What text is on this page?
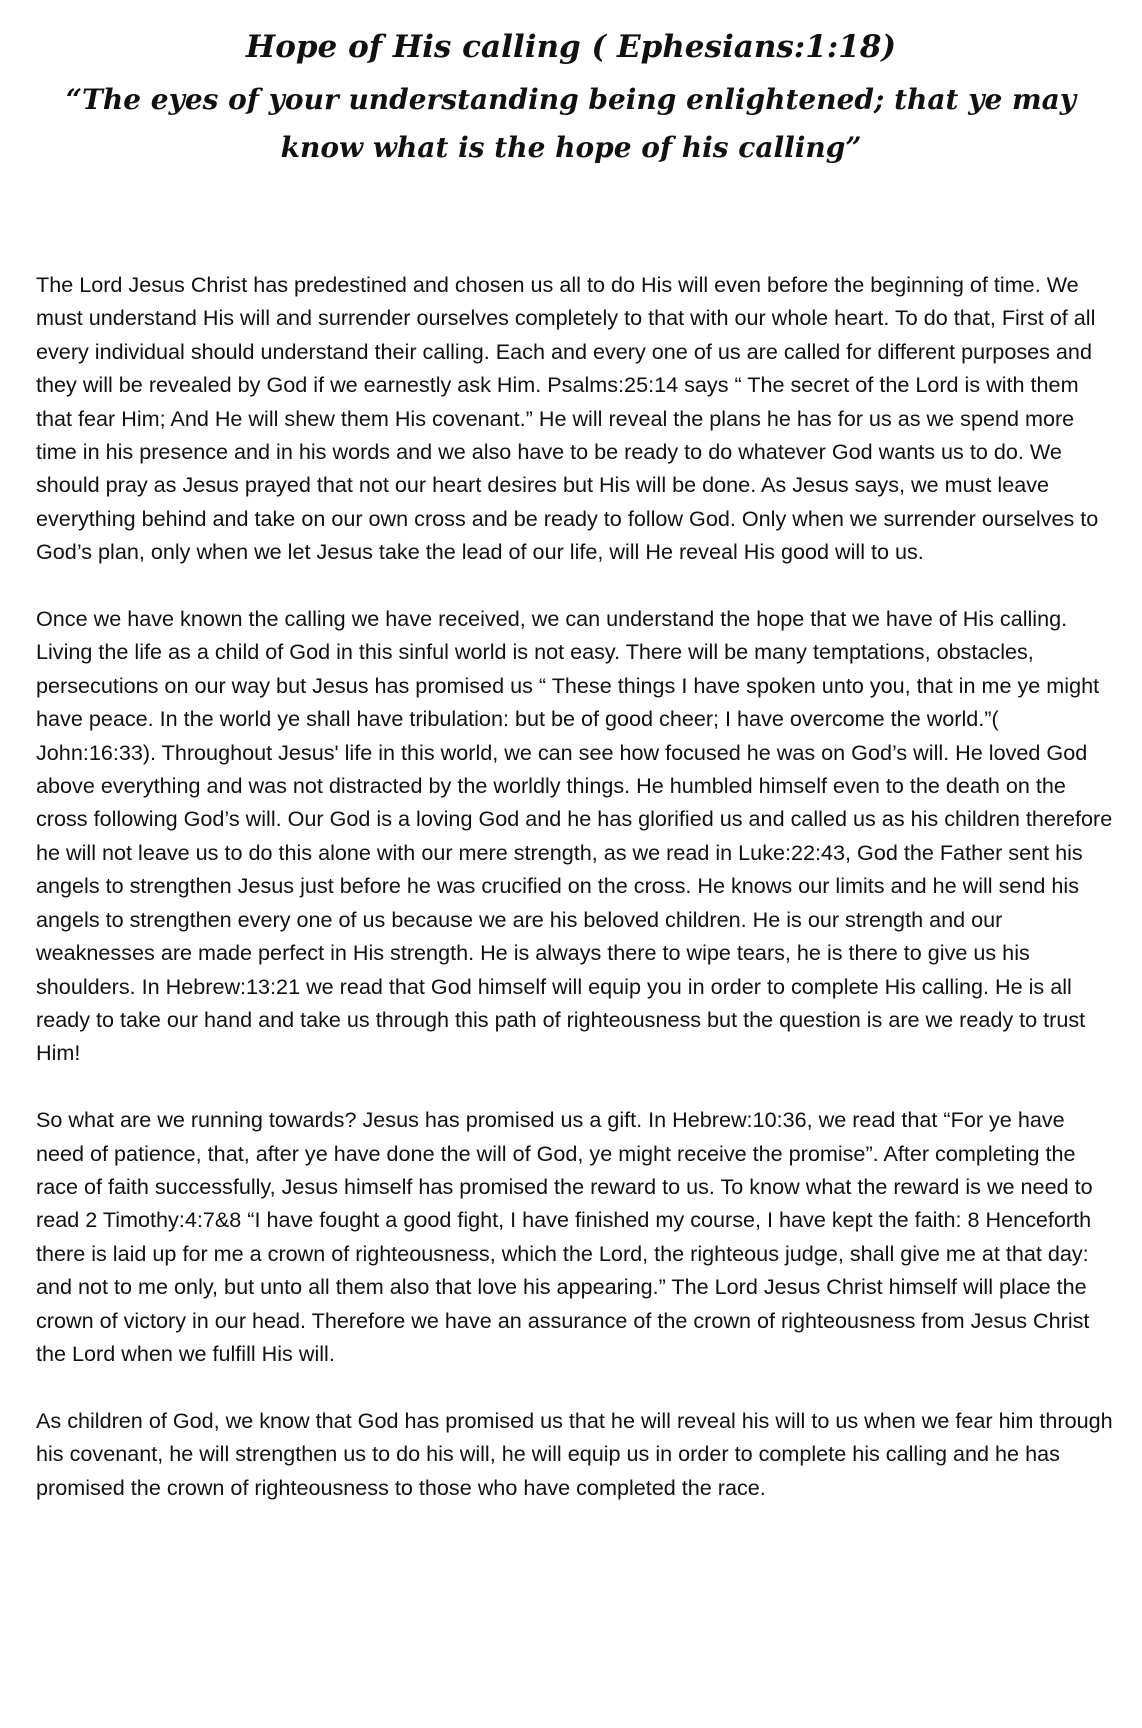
Hope of His calling ( Ephesians:1:18)
“The eyes of your understanding being enlightened; that ye may know what is the hope of his calling”

The Lord Jesus Christ has predestined and chosen us all to do His will even before the beginning of time. We must understand His will and surrender ourselves completely to that with our whole heart. To do that, First of all every individual should understand their calling. Each and every one of us are called for different purposes and they will be revealed by God if we earnestly ask Him. Psalms:25:14 says “ The secret of the Lord is with them that fear Him; And He will shew them His covenant.” He will reveal the plans he has for us as we spend more time in his presence and in his words and we also have to be ready to do whatever God wants us to do. We should pray as Jesus prayed that not our heart desires but His will be done. As Jesus says, we must leave everything behind and take on our own cross and be ready to follow God. Only when we surrender ourselves to God’s plan, only when we let Jesus take the lead of our life, will He reveal His good will to us.

Once we have known the calling we have received, we can understand the hope that we have of His calling. Living the life as a child of God in this sinful world is not easy. There will be many temptations, obstacles, persecutions on our way but Jesus has promised us “ These things I have spoken unto you, that in me ye might have peace. In the world ye shall have tribulation: but be of good cheer; I have overcome the world.”( John:16:33). Throughout Jesus' life in this world, we can see how focused he was on God’s will. He loved God above everything and was not distracted by the worldly things. He humbled himself even to the death on the cross following God’s will. Our God is a loving God and he has glorified us and called us as his children therefore he will not leave us to do this alone with our mere strength, as we read in Luke:22:43, God the Father sent his angels to strengthen Jesus just before he was crucified on the cross. He knows our limits and he will send his angels to strengthen every one of us because we are his beloved children. He is our strength and our weaknesses are made perfect in His strength. He is always there to wipe tears, he is there to give us his shoulders. In Hebrew:13:21 we read that God himself will equip you in order to complete His calling. He is all ready to take our hand and take us through this path of righteousness but the question is are we ready to trust Him!

So what are we running towards? Jesus has promised us a gift. In Hebrew:10:36, we read that “For ye have need of patience, that, after ye have done the will of God, ye might receive the promise”. After completing the race of faith successfully, Jesus himself has promised the reward to us. To know what the reward is we need to read 2 Timothy:4:7&8 “I have fought a good fight, I have finished my course, I have kept the faith: 8 Henceforth there is laid up for me a crown of righteousness, which the Lord, the righteous judge, shall give me at that day: and not to me only, but unto all them also that love his appearing.” The Lord Jesus Christ himself will place the crown of victory in our head. Therefore we have an assurance of the crown of righteousness from Jesus Christ the Lord when we fulfill His will.

As children of God, we know that God has promised us that he will reveal his will to us when we fear him through his covenant, he will strengthen us to do his will, he will equip us in order to complete his calling and he has promised the crown of righteousness to those who have completed the race.
